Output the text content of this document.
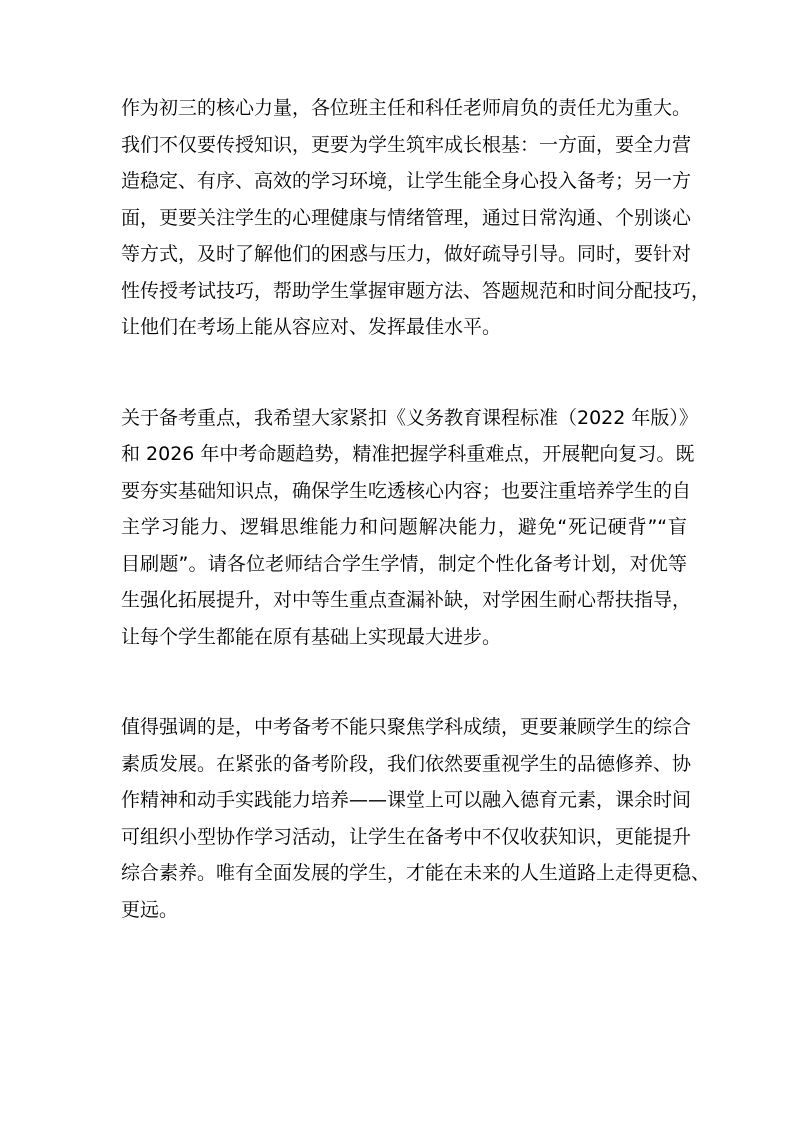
作为初三的核心力量，各位班主任和科任老师肩负的责任尤为重大。
我们不仅要传授知识，更要为学生筑牢成长根基：一方面，要全力营
造稳定、有序、高效的学习环境，让学生能全身心投入备考；另一方
面，更要关注学生的心理健康与情绪管理，通过日常沟通、个别谈心
等方式，及时了解他们的困惑与压力，做好疏导引导。同时，要针对
性传授考试技巧，帮助学生掌握审题方法、答题规范和时间分配技巧，
让他们在考场上能从容应对、发挥最佳水平。

关于备考重点，我希望大家紧扣《义务教育课程标准（2022 年版）》
和 2026 年中考命题趋势，精准把握学科重难点，开展靶向复习。既
要夯实基础知识点，确保学生吃透核心内容；也要注重培养学生的自
主学习能力、逻辑思维能力和问题解决能力，避免“死记硬背”“盲
目刷题”。请各位老师结合学生学情，制定个性化备考计划，对优等
生强化拓展提升，对中等生重点查漏补缺，对学困生耐心帮扶指导，
让每个学生都能在原有基础上实现最大进步。

值得强调的是，中考备考不能只聚焦学科成绩，更要兼顾学生的综合
素质发展。在紧张的备考阶段，我们依然要重视学生的品德修养、协
作精神和动手实践能力培养——课堂上可以融入德育元素，课余时间
可组织小型协作学习活动，让学生在备考中不仅收获知识，更能提升
综合素养。唯有全面发展的学生，才能在未来的人生道路上走得更稳、
更远。
